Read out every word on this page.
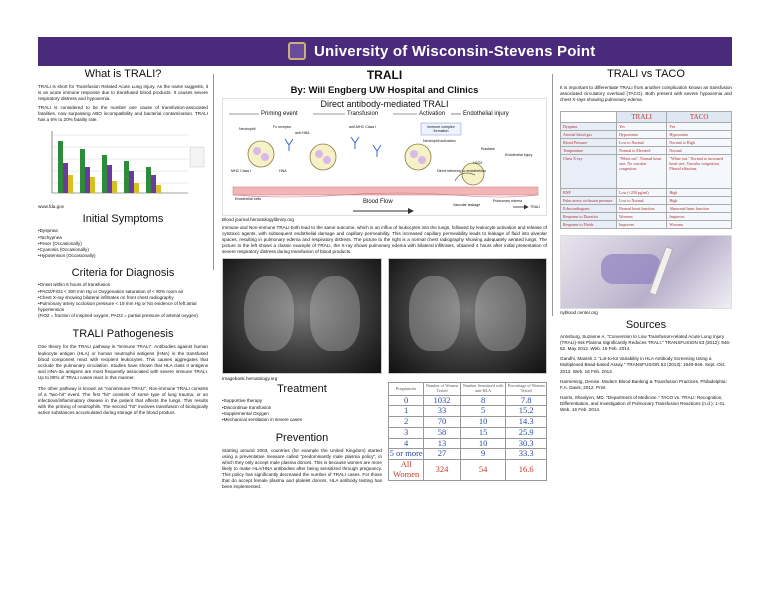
University of Wisconsin-Stevens Point
What is TRALI?

TRALI is short for Transfusion Related Acute Lung Injury. As the name suggests, it is an acute immune response due to transfused blood products. It causes severe respiratory distress and hypoxemia.

TRALI is considered to be the number one cause of transfusion-associated fatalities, now surpassing ABO incompatibility and bacterial contamination. TRALI has a 6% to 20% fatality rate.

www.fda.gov
Initial Symptoms
•Dyspnea
•Tachypnea
•Fever (Occasionally)
•Cyanosis (Occasionally)
•Hypotension (Occasionally)
Criteria for Diagnosis
•Onset within 6 hours of transfusion
•PAO2/FiO2 < 300 mm Hg or Oxygenation saturation of < 90% room air
•Chest X-ray showing bilateral infiltrates on front chest radiography
•Pulmonary artery occlusion pressure < 18 mm Hg or No evidence of left atrial hypertension
(FiO2 = fraction of inspired oxygen; PAO2 = partial pressure of arterial oxygen)
TRALI Pathogenesis

One theory for the TRALI pathway is "Immune TRALI". Antibodies against human leukocyte antigen (HLA) or human neutrophil antigens (HNA) in the transfused blood component react with recipient leukocytes. This causes aggregates that occlude the pulmonary circulation. Studies have shown that HLA class II antigens and HNA-3a antigens are most frequently associated with severe immune TRALI. Up to 80% of TRALI cases react in this manner.

The other pathway is known as "nonimmune TRALI". Non-immune TRALI consists of a "two-hit" event. The first "hit" consists of some type of lung trauma, or an infectious/inflammatory disease in the patient that affects the lungs. This results with the priming of neutrophils. The second "hit" involves transfusion of biologically active substances accumulated during storage of the blood product.

TRALI
By: Will Engberg UW Hospital and Clinics
Direct antibody-mediated TRALI
Priming event	Transfusion	Activation	Endothelial injury
Neutrophil	Fc receptor
anti-HNA
anti-MHC Class I	Immune complex formation
Neutrophil activation
Elastase
Endothelial injury
H2O2
Direct tethering to endothelium
MHC Class I	HNA
Endothelial cells	Blood Flow	Vascular leakage
Pulmonary edema
TRALI
Blood journal.hematologylibrary.org

Immune and Non-immune TRALI both lead to the same outcome, which is an influx of leukocytes into the lungs, followed by leukocyte activation and release of cytotoxic agents, with subsequent endothelial damage and capillary permeability. This increased capillary permeability leads to leakage of fluid into alveolar spaces, resulting in pulmonary edema and respiratory distress. The picture to the right is a normal chest radiography showing adequately aerated lungs. The picture to the left shows a classic example of TRALI, the X-ray shows pulmonary edema with bilateral infiltrates, obtained 4 hours after initial presentation of severe respiratory distress during transfusion of blood products.

Imagebank.hematology.org
Treatment
•Supportive therapy
•Discontinue transfusion
•Supplemental Oxygen
•Mechanical ventilation in severe cases
Prevention

Starting around 2003, countries (for example the United Kingdom) started using a preventative measure called "predominantly male plasma policy", in which they only accept male plasma donors. This is because women are more likely to make HLA/HNA antibodies after being sensitized through pregnancy. This policy has significantly decreased the number of TRALI cases. For those that do accept female plasma and platelet donors, HLA antibody testing has been implemented.

Pregnancies	Number of Women Tested	Number Sensitized with anti-HLA	Percentage of Women Tested
0	1032	8	7.8
1	33	5	15.2
2	70	10	14.3
3	58	15	25.9
4	13	10	30.3
5 or more	27	9	33.3
All Women	324	54	16.6
TRALI vs TACO

It is important to differentiate TRALI from another complication known as transfusion associated circulatory overload (TACO). Both present with severe hypoxemia and chest X-rays showing pulmonary edema.

	TRALI	TACO
Dyspnea	Yes	Yes
Arterial blood gas	Hypoxemia	Hypoxemia
Blood Pressure	Low to Normal	Normal to High
Temperature	Normal to Elevated	Normal
Chest X-ray	"White out". Normal heart size. No vascular congestion.	"White out." Normal to increased heart size. Vascular congestion. Pleural effusions.
BNP	Low (<250 pg/ml)	High
Pulm artery occlusion pressure	Low to Normal	High
Echocardiogram	Normal heart function	Abnormal heart function
Response to Diuretics	Worsens	Improves
Response to Fluids	Improves	Worsens
nyblood center.org
Sources

Arinsburg, Suzanne A. "Conversion to Low Transfusion-related Acute Lung Injury (TRALI)-risk Plasma Significantly Reduces TRALI." TRANSFUSION 53 (2012): 946-52. May 2012. Web. 16 Feb. 2014.

Gandhi, Manish J. "Lot-to-lot Variability in HLA Antibody Screening Using a Multiplexed Bead-based Assay." TRANSFUSION 53 (2013): 1940-946. Sept.-Oct. 2013. Web. 16 Feb. 2014.

Harmening, Denise. Modern Blood Banking & Transfusion Practices. Philadelphia: F.A. Davis, 2012. Print.

Harris, Shealynn, MD. "Department of Medicine." TACO vs. TRALI: Recognition, Differentiation, and Investigation of Pulmonary Transfusion Reactions (n.d.): 1-41. Web. 16 Feb. 2014.
